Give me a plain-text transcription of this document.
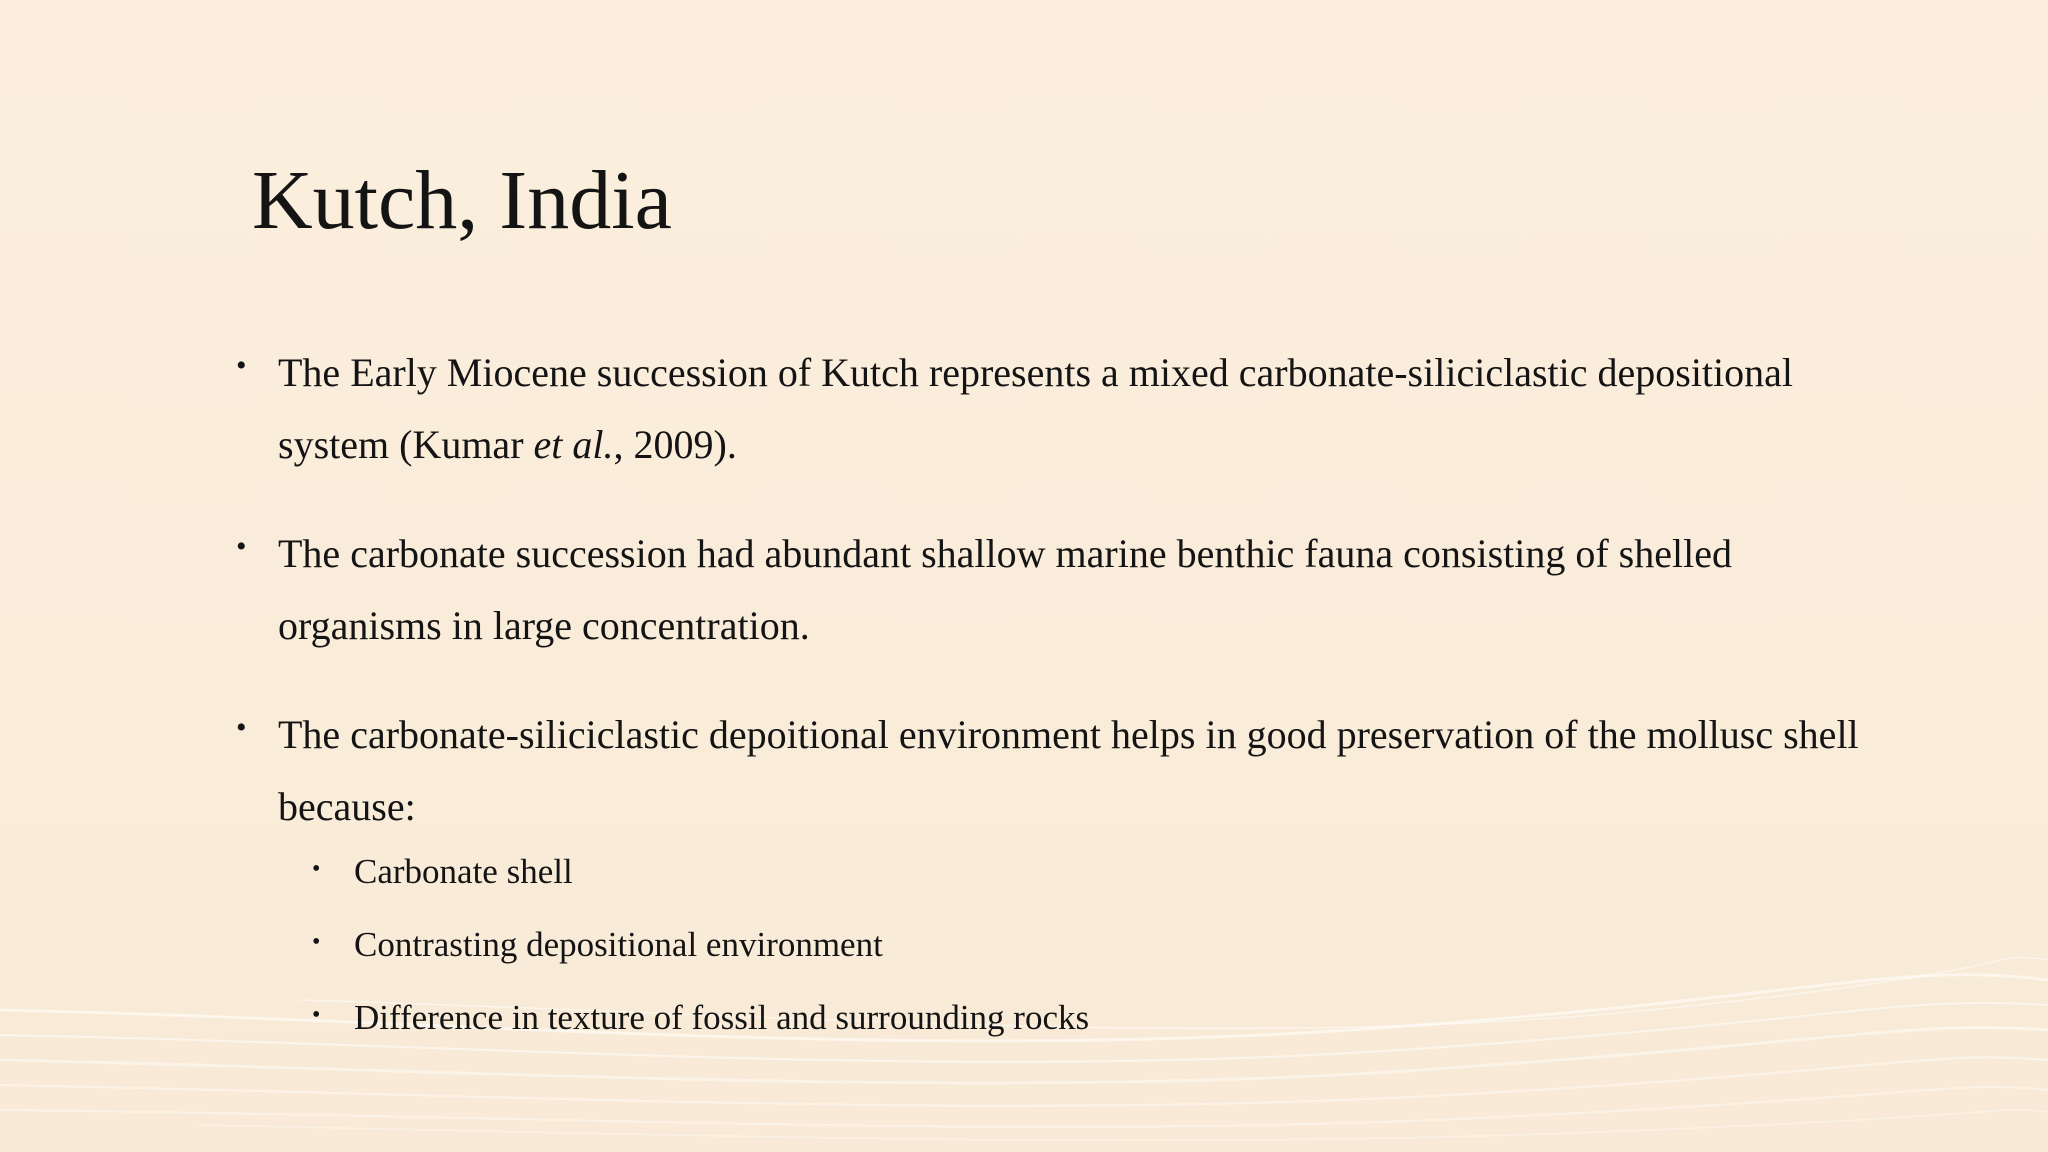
Kutch, India
• The Early Miocene succession of Kutch represents a mixed carbonate-siliciclastic depositional system (Kumar et al., 2009).
• The carbonate succession had abundant shallow marine benthic fauna consisting of shelled organisms in large concentration.
• The carbonate-siliciclastic depoitional environment helps in good preservation of the mollusc shell because:
• Carbonate shell
• Contrasting depositional environment
• Difference in texture of fossil and surrounding rocks
